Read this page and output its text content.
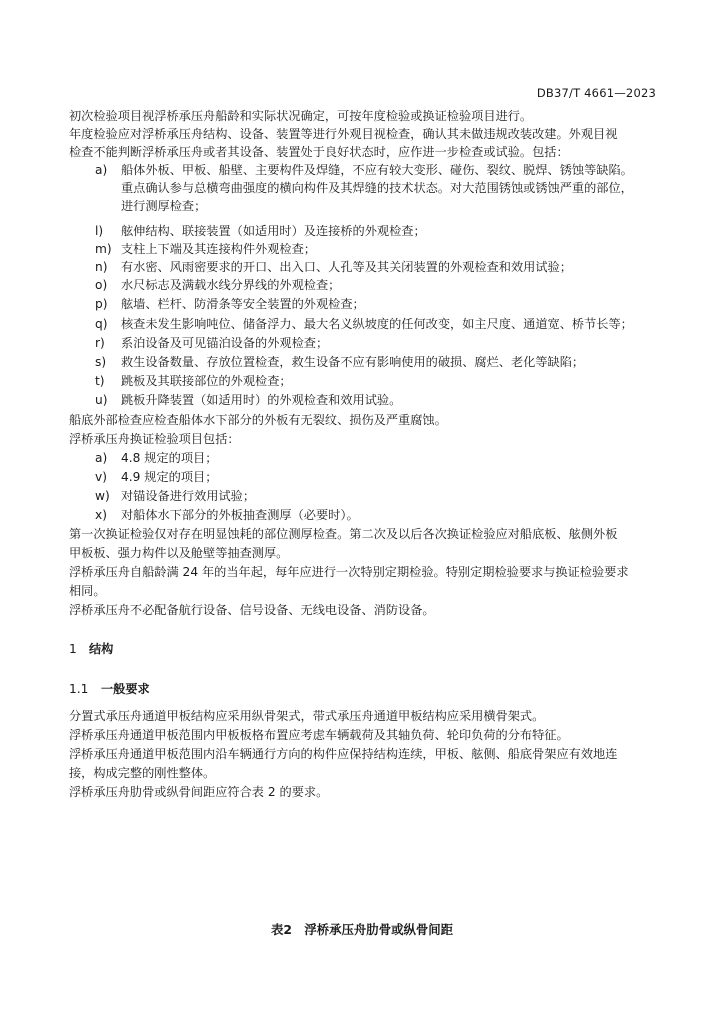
DB37/T 4661—2023
初次检验项目视浮桥承压舟船龄和实际状况确定，可按年度检验或换证检验项目进行。
年度检验应对浮桥承压舟结构、设备、装置等进行外观目视检查，确认其未做违规改装改建。外观目视
检查不能判断浮桥承压舟或者其设备、装置处于良好状态时，应作进一步检查或试验。包括：
a)	船体外板、甲板、船壁、主要构件及焊缝，不应有较大变形、碰伤、裂纹、脱焊、锈蚀等缺陷。
重点确认参与总横弯曲强度的横向构件及其焊缝的技术状态。对大范围锈蚀或锈蚀严重的部位，
进行测厚检查；
l)	舷伸结构、联接装置（如适用时）及连接桥的外观检查；
m) 支柱上下端及其连接构件外观检查；
n)	有水密、风雨密要求的开口、出入口、人孔等及其关闭装置的外观检查和效用试验；
o)	水尺标志及满载水线分界线的外观检查；
p)	舷墙、栏杆、防滑条等安全装置的外观检查；
q)	核查未发生影响吨位、储备浮力、最大名义纵坡度的任何改变，如主尺度、通道宽、桥节长等；
r)	系泊设备及可见锚泊设备的外观检查；
s)	救生设备数量、存放位置检查，救生设备不应有影响使用的破损、腐烂、老化等缺陷；
t)	跳板及其联接部位的外观检查；
u)	跳板升降装置（如适用时）的外观检查和效用试验。
船底外部检查应检查船体水下部分的外板有无裂纹、损伤及严重腐蚀。
浮桥承压舟换证检验项目包括：
a)	4.8 规定的项目；
v)	4.9 规定的项目；
w) 对锚设备进行效用试验；
x)	对船体水下部分的外板抽查测厚（必要时）。
第一次换证检验仅对存在明显蚀耗的部位测厚检查。第二次及以后各次换证检验应对船底板、舷侧外板
甲板板、强力构件以及舱壁等抽查测厚。
浮桥承压舟自船龄满 24 年的当年起，每年应进行一次特别定期检验。特别定期检验要求与换证检验要求
相同。
浮桥承压舟不必配备航行设备、信号设备、无线电设备、消防设备。
1 结构
1.1 一般要求
分置式承压舟通道甲板结构应采用纵骨架式，带式承压舟通道甲板结构应采用横骨架式。
浮桥承压舟通道甲板范围内甲板板格布置应考虑车辆载荷及其轴负荷、轮印负荷的分布特征。
浮桥承压舟通道甲板范围内沿车辆通行方向的构件应保持结构连续，甲板、舷侧、船底骨架应有效地连
接，构成完整的刚性整体。
浮桥承压舟肋骨或纵骨间距应符合表 2 的要求。
表2　浮桥承压舟肋骨或纵骨间距
